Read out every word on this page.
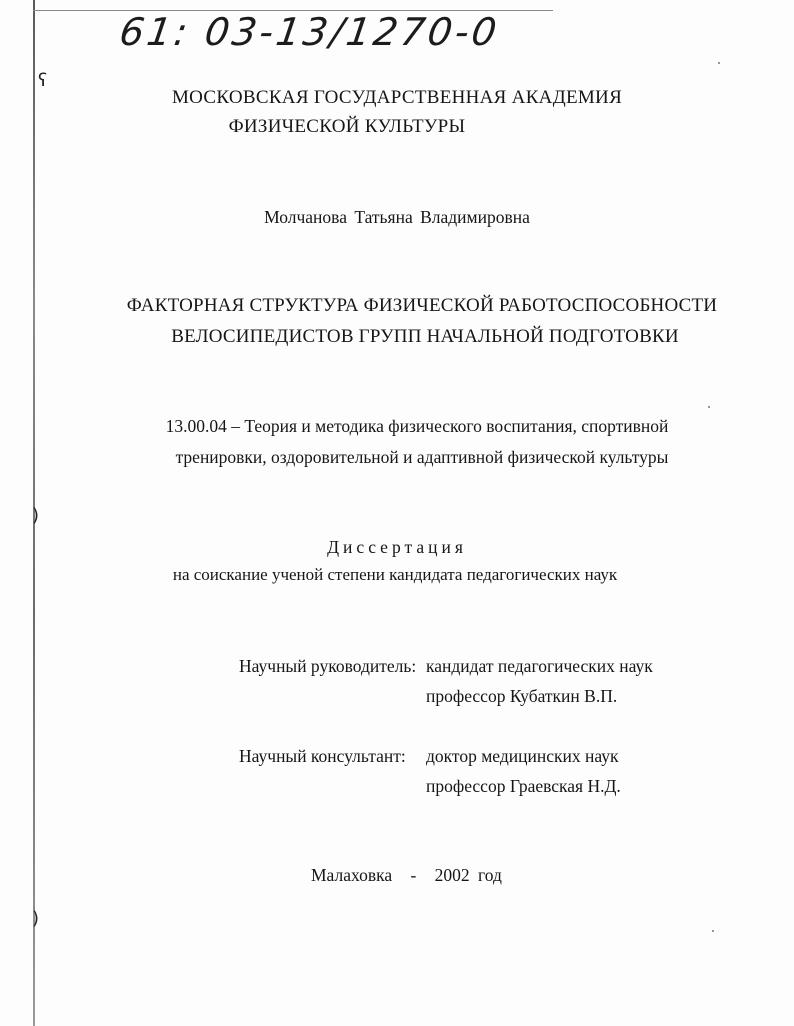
ʕ
)
)
61: 03-13/1270-0
МОСКОВСКАЯ ГОСУДАРСТВЕННАЯ АКАДЕМИЯ
ФИЗИЧЕСКОЙ КУЛЬТУРЫ
Молчанова Татьяна Владимировна
ФАКТОРНАЯ СТРУКТУРА ФИЗИЧЕСКОЙ РАБОТОСПОСОБНОСТИ
ВЕЛОСИПЕДИСТОВ ГРУПП НАЧАЛЬНОЙ ПОДГОТОВКИ
13.00.04 – Теория и методика физического воспитания, спортивной
тренировки, оздоровительной и адаптивной физической культуры
Диссертация
на соискание ученой степени кандидата педагогических наук
Научный руководитель: кандидат педагогических наук
профессор Кубаткин В.П.
Научный консультант: доктор медицинских наук
профессор Граевская Н.Д.
Малаховка - 2002 год
